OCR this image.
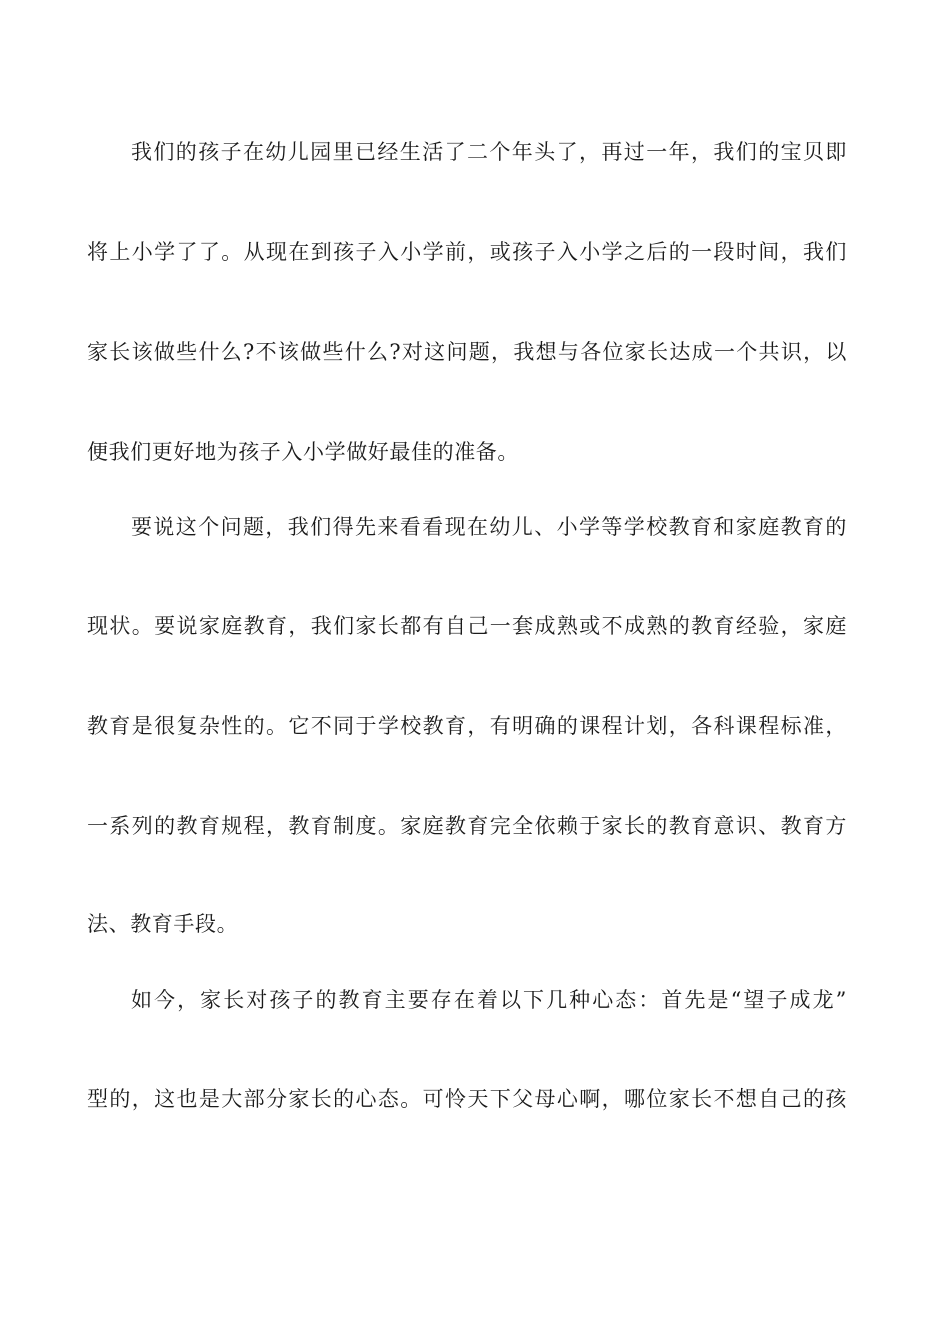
我们的孩子在幼儿园里已经生活了二个年头了，再过一年，我们的宝贝即
将上小学了了。从现在到孩子入小学前，或孩子入小学之后的一段时间，我们
家长该做些什么?不该做些什么?对这问题，我想与各位家长达成一个共识，以
便我们更好地为孩子入小学做好最佳的准备。
要说这个问题，我们得先来看看现在幼儿、小学等学校教育和家庭教育的
现状。要说家庭教育，我们家长都有自己一套成熟或不成熟的教育经验，家庭
教育是很复杂性的。它不同于学校教育，有明确的课程计划，各科课程标准，
一系列的教育规程，教育制度。家庭教育完全依赖于家长的教育意识、教育方
法、教育手段。
如今，家长对孩子的教育主要存在着以下几种心态：首先是“望子成龙”
型的，这也是大部分家长的心态。可怜天下父母心啊，哪位家长不想自己的孩
